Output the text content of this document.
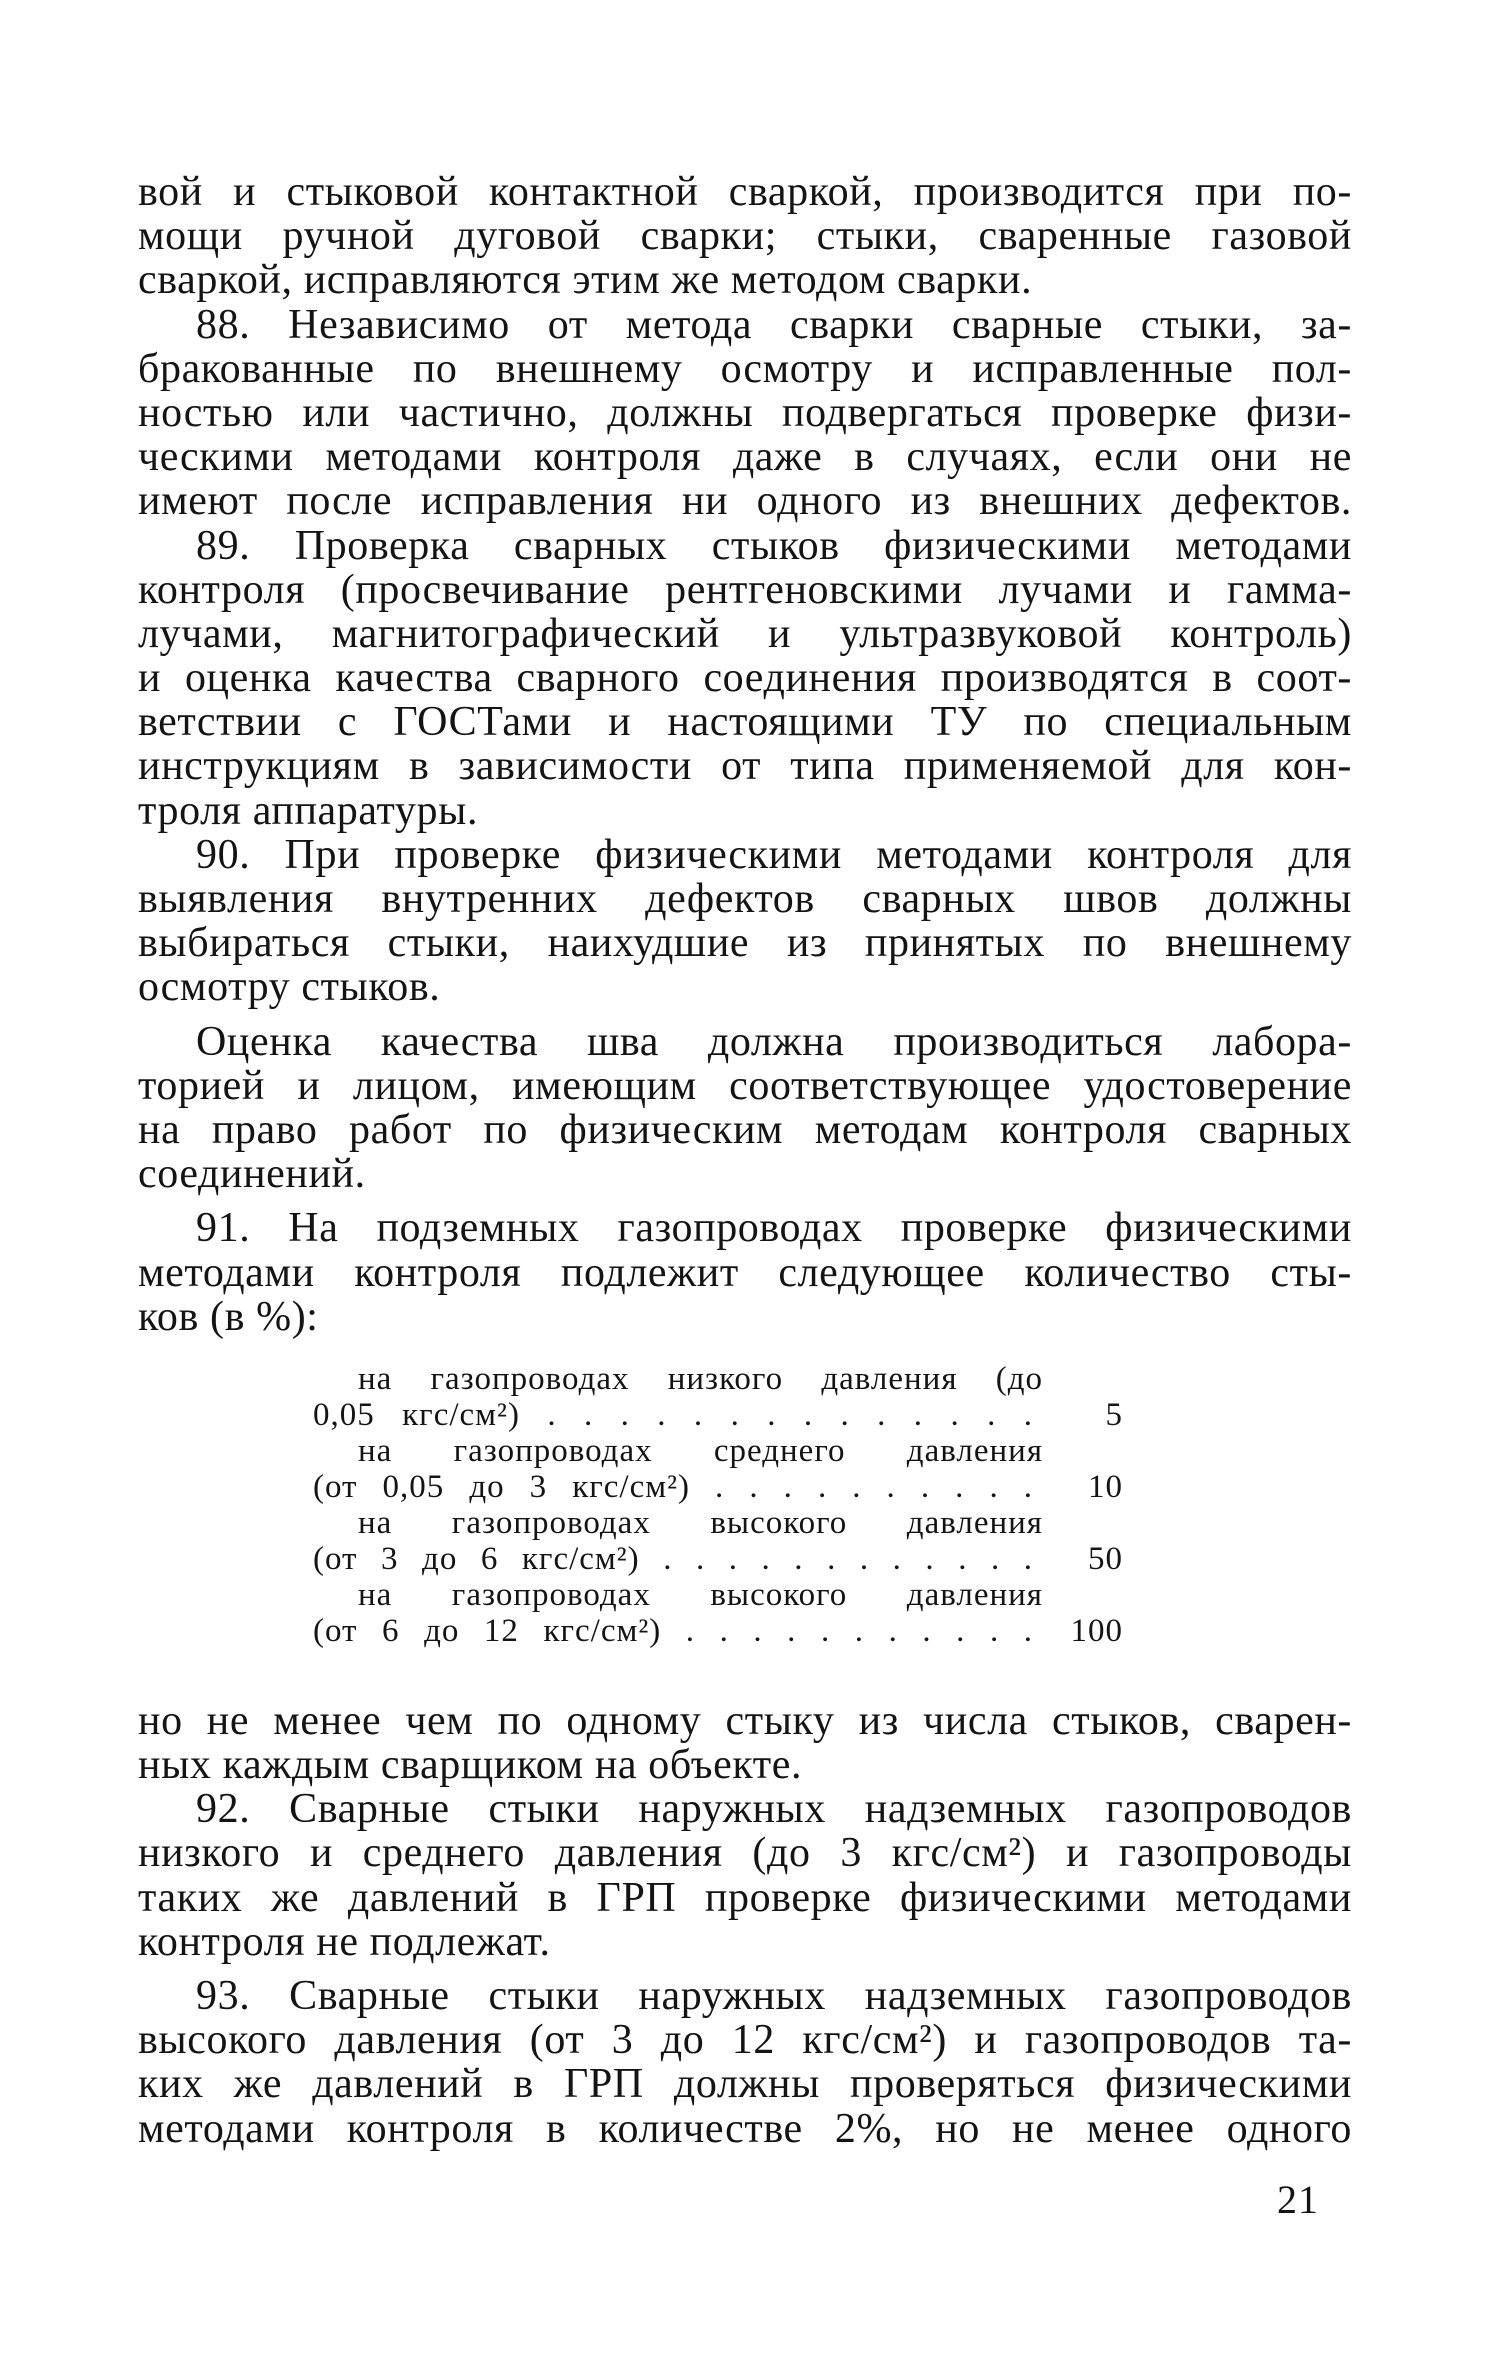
вой и стыковой контактной сваркой, производится при по-
мощи ручной дуговой сварки; стыки, сваренные газовой
сваркой, исправляются этим же методом сварки.
88. Независимо от метода сварки сварные стыки, за-
бракованные по внешнему осмотру и исправленные пол-
ностью или частично, должны подвергаться проверке физи-
ческими методами контроля даже в случаях, если они не
имеют после исправления ни одного из внешних дефектов.
89. Проверка сварных стыков физическими методами
контроля (просвечивание рентгеновскими лучами и гамма-
лучами, магнитографический и ультразвуковой контроль)
и оценка качества сварного соединения производятся в соот-
ветствии с ГОСТами и настоящими ТУ по специальным
инструкциям в зависимости от типа применяемой для кон-
троля аппаратуры.
90. При проверке физическими методами контроля для
выявления внутренних дефектов сварных швов должны
выбираться стыки, наихудшие из принятых по внешнему
осмотру стыков.
Оценка качества шва должна производиться лабора-
торией и лицом, имеющим соответствующее удостоверение
на право работ по физическим методам контроля сварных
соединений.
91. На подземных газопроводах проверке физическими
методами контроля подлежит следующее количество сты-
ков (в %):
на газопроводах низкого давления (до
0,05 кгс/см²) . . . . . . . . . . . . . . 5
на газопроводах среднего давления
(от 0,05 до 3 кгс/см²) . . . . . . . . . . 10
на газопроводах высокого давления
(от 3 до 6 кгс/см²) . . . . . . . . . . . . 50
на газопроводах высокого давления
(от 6 до 12 кгс/см²) . . . . . . . . . . . 100
но не менее чем по одному стыку из числа стыков, сварен-
ных каждым сварщиком на объекте.
92. Сварные стыки наружных надземных газопроводов
низкого и среднего давления (до 3 кгс/см²) и газопроводы
таких же давлений в ГРП проверке физическими методами
контроля не подлежат.
93. Сварные стыки наружных надземных газопроводов
высокого давления (от 3 до 12 кгс/см²) и газопроводов та-
ких же давлений в ГРП должны проверяться физическими
методами контроля в количестве 2%, но не менее одного
21
